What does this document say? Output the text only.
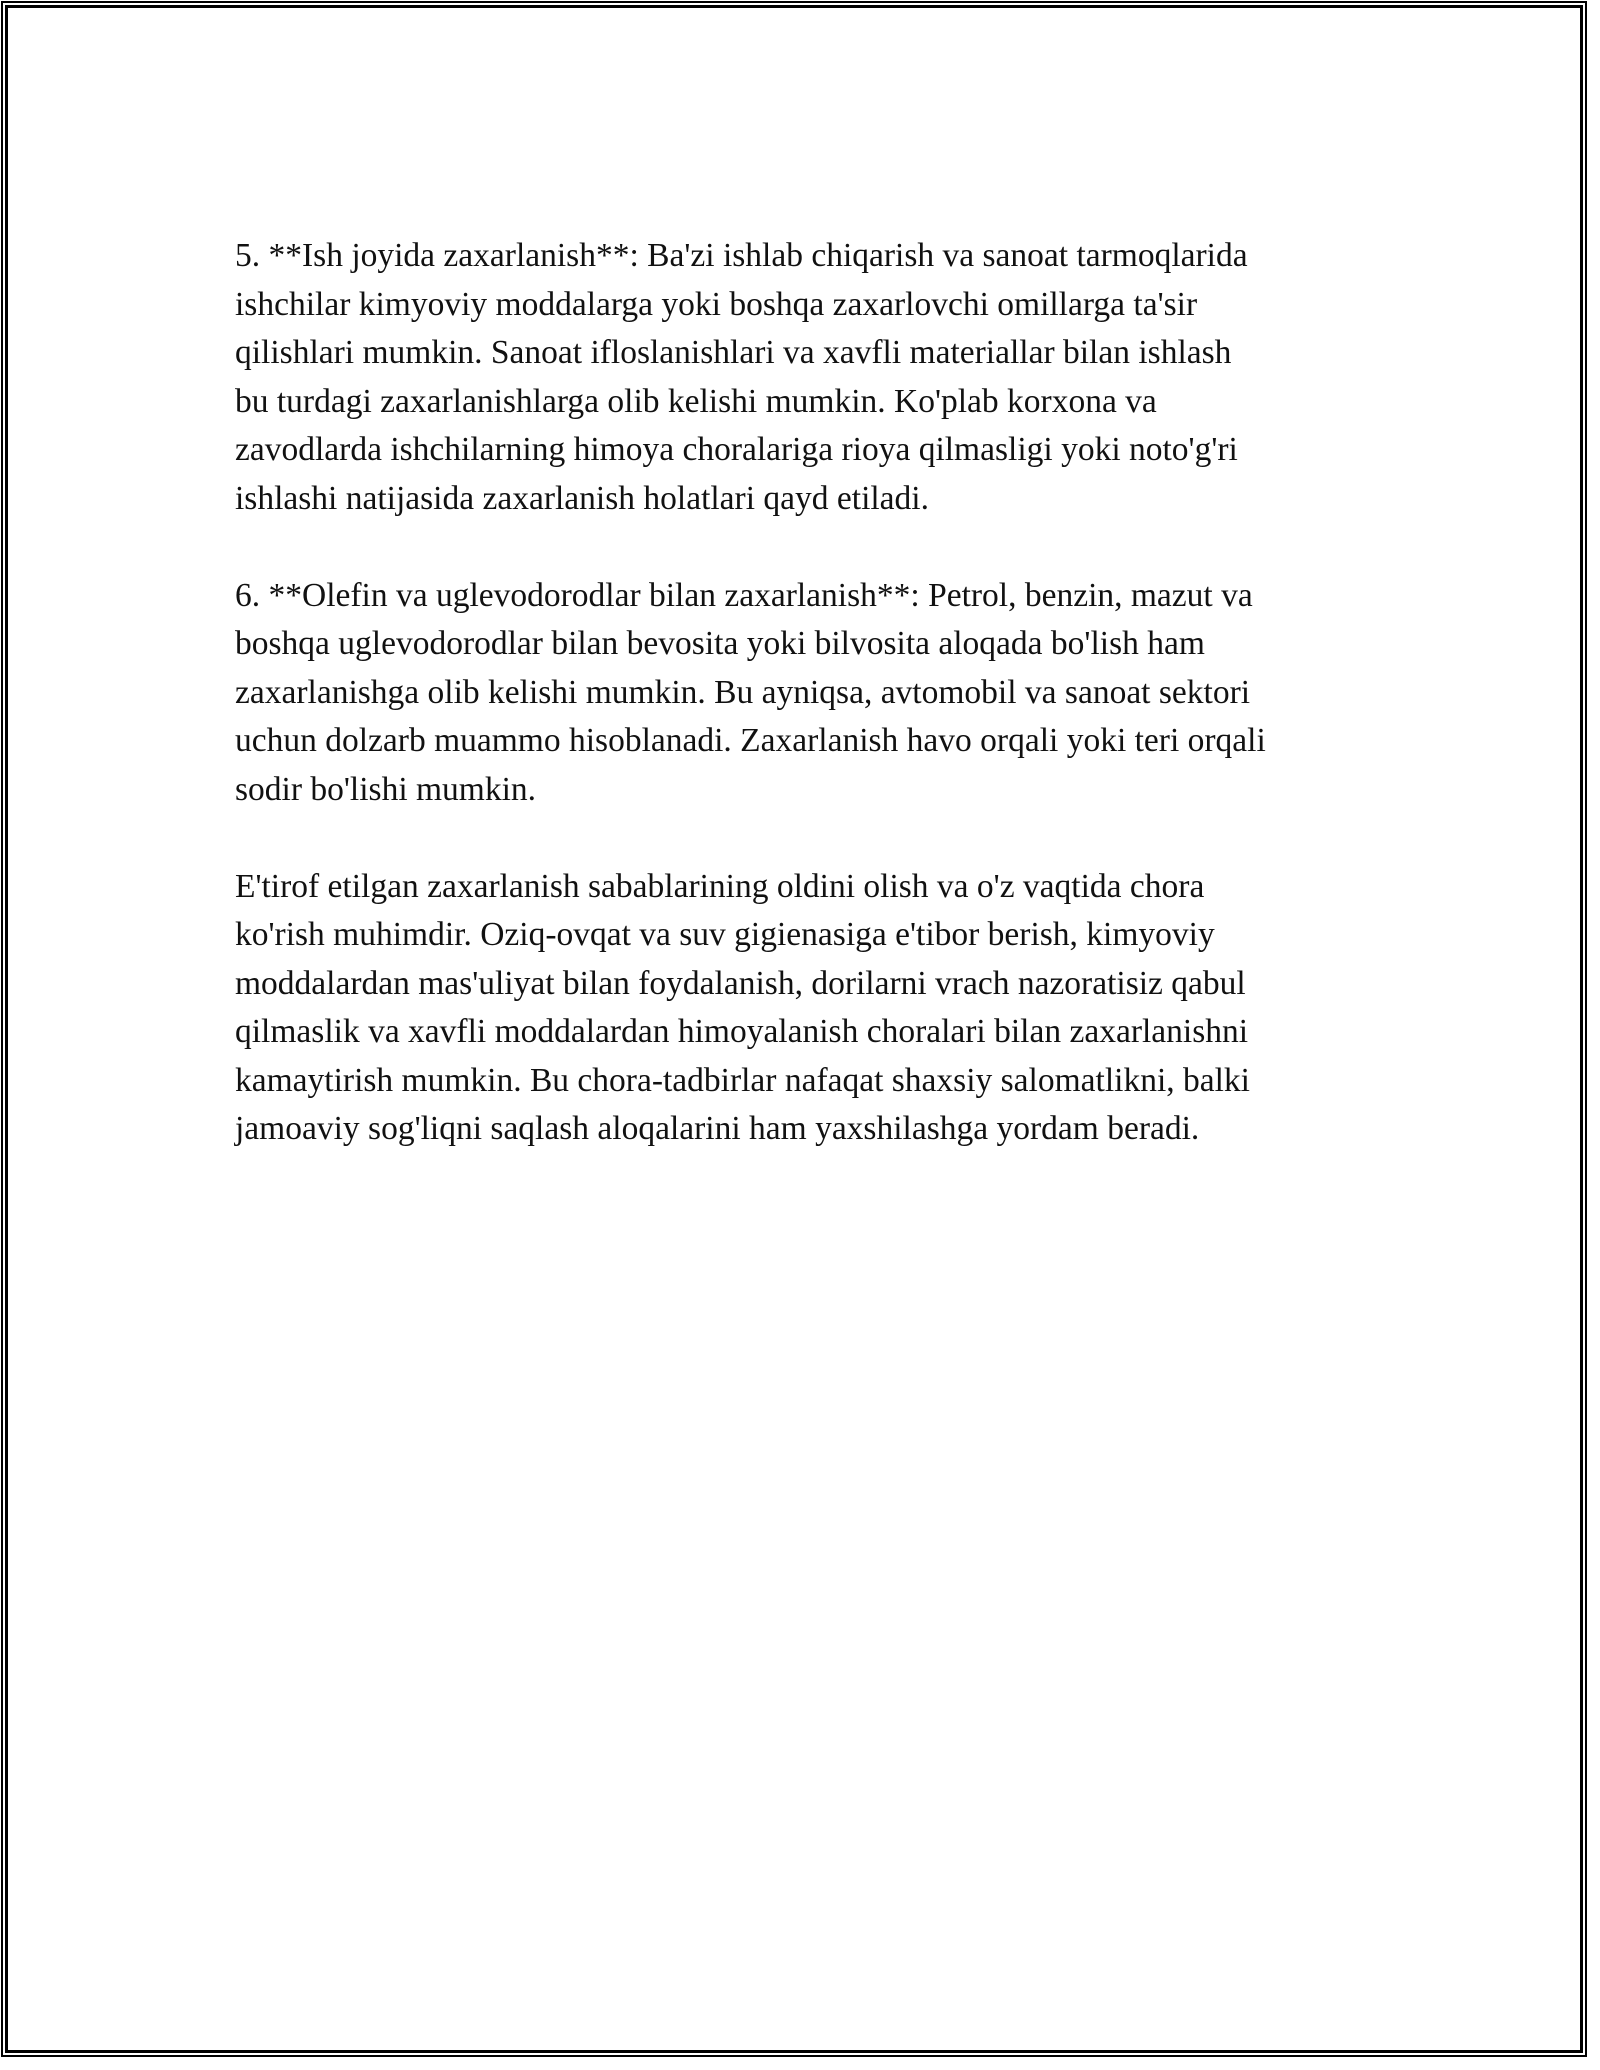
5. **Ish joyida zaxarlanish**: Ba'zi ishlab chiqarish va sanoat tarmoqlarida
ishchilar kimyoviy moddalarga yoki boshqa zaxarlovchi omillarga ta'sir
qilishlari mumkin. Sanoat ifloslanishlari va xavfli materiallar bilan ishlash
bu turdagi zaxarlanishlarga olib kelishi mumkin. Ko'plab korxona va
zavodlarda ishchilarning himoya choralariga rioya qilmasligi yoki noto'g'ri
ishlashi natijasida zaxarlanish holatlari qayd etiladi.

6. **Olefin va uglevodorodlar bilan zaxarlanish**: Petrol, benzin, mazut va
boshqa uglevodorodlar bilan bevosita yoki bilvosita aloqada bo'lish ham
zaxarlanishga olib kelishi mumkin. Bu ayniqsa, avtomobil va sanoat sektori
uchun dolzarb muammo hisoblanadi. Zaxarlanish havo orqali yoki teri orqali
sodir bo'lishi mumkin.

E'tirof etilgan zaxarlanish sabablarining oldini olish va o'z vaqtida chora
ko'rish muhimdir. Oziq-ovqat va suv gigienasiga e'tibor berish, kimyoviy
moddalardan mas'uliyat bilan foydalanish, dorilarni vrach nazoratisiz qabul
qilmaslik va xavfli moddalardan himoyalanish choralari bilan zaxarlanishni
kamaytirish mumkin. Bu chora-tadbirlar nafaqat shaxsiy salomatlikni, balki
jamoaviy sog'liqni saqlash aloqalarini ham yaxshilashga yordam beradi.
